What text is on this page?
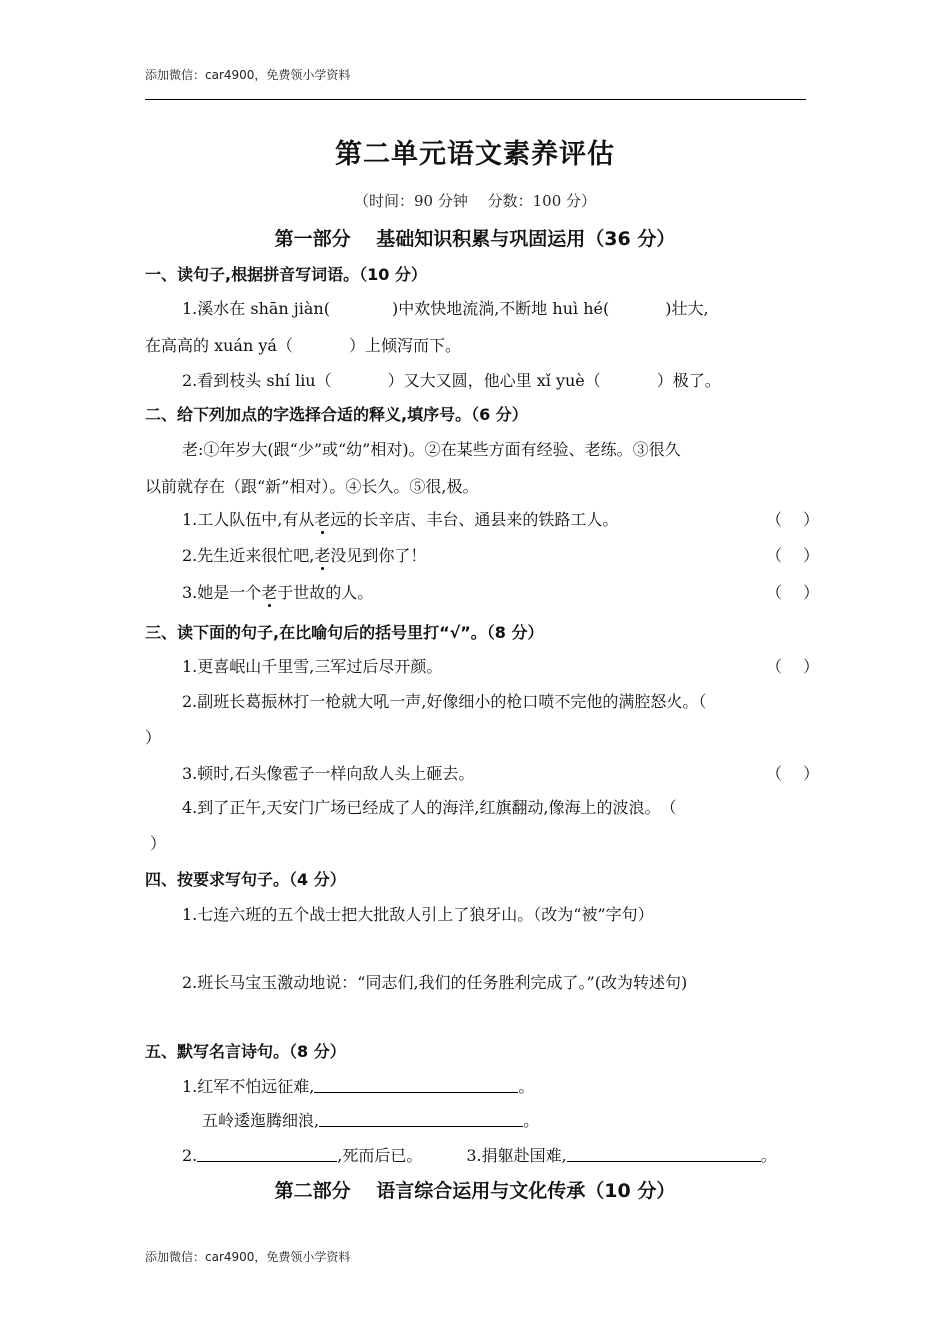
添加微信：car4900，免费领小学资料
第二单元语文素养评估
（时间：90 分钟　 分数：100 分）
第一部分　 基础知识积累与巩固运用（36 分）
一、读句子,根据拼音写词语。（10 分）
1.溪水在 shān jiàn(	)中欢快地流淌,不断地 huì hé(	)壮大,
在高高的 xuán yá（	）上倾泻而下。
2.看到枝头 shí liu（	）又大又圆，他心里 xǐ yuè（	）极了。
二、给下列加点的字选择合适的释义,填序号。（6 分）
老:①年岁大(跟“少”或“幼”相对)。②在某些方面有经验、老练。③很久
以前就存在（跟“新”相对）。④长久。⑤很,极。
1.工人队伍中,有从老远的长辛店、丰台、通县来的铁路工人。	（　 ）
2.先生近来很忙吧,老没见到你了！	（　 ）
3.她是一个老于世故的人。	（　 ）
三、读下面的句子,在比喻句后的括号里打“√”。（8 分）
1.更喜岷山千里雪,三军过后尽开颜。	（　 ）
2.副班长葛振林打一枪就大吼一声,好像细小的枪口喷不完他的满腔怒火。（
）
3.顿时,石头像雹子一样向敌人头上砸去。	（　 ）
4.到了正午,天安门广场已经成了人的海洋,红旗翻动,像海上的波浪。　（
）
四、按要求写句子。（4 分）
1.七连六班的五个战士把大批敌人引上了狼牙山。（改为“被”字句）
2.班长马宝玉激动地说：“同志们,我们的任务胜利完成了。”(改为转述句)
五、默写名言诗句。（8 分）
1.红军不怕远征难,	。
五岭逶迤腾细浪,	。
2.	,死而后已。	3.捐躯赴国难,	。
第二部分　 语言综合运用与文化传承（10 分）
添加微信：car4900，免费领小学资料
